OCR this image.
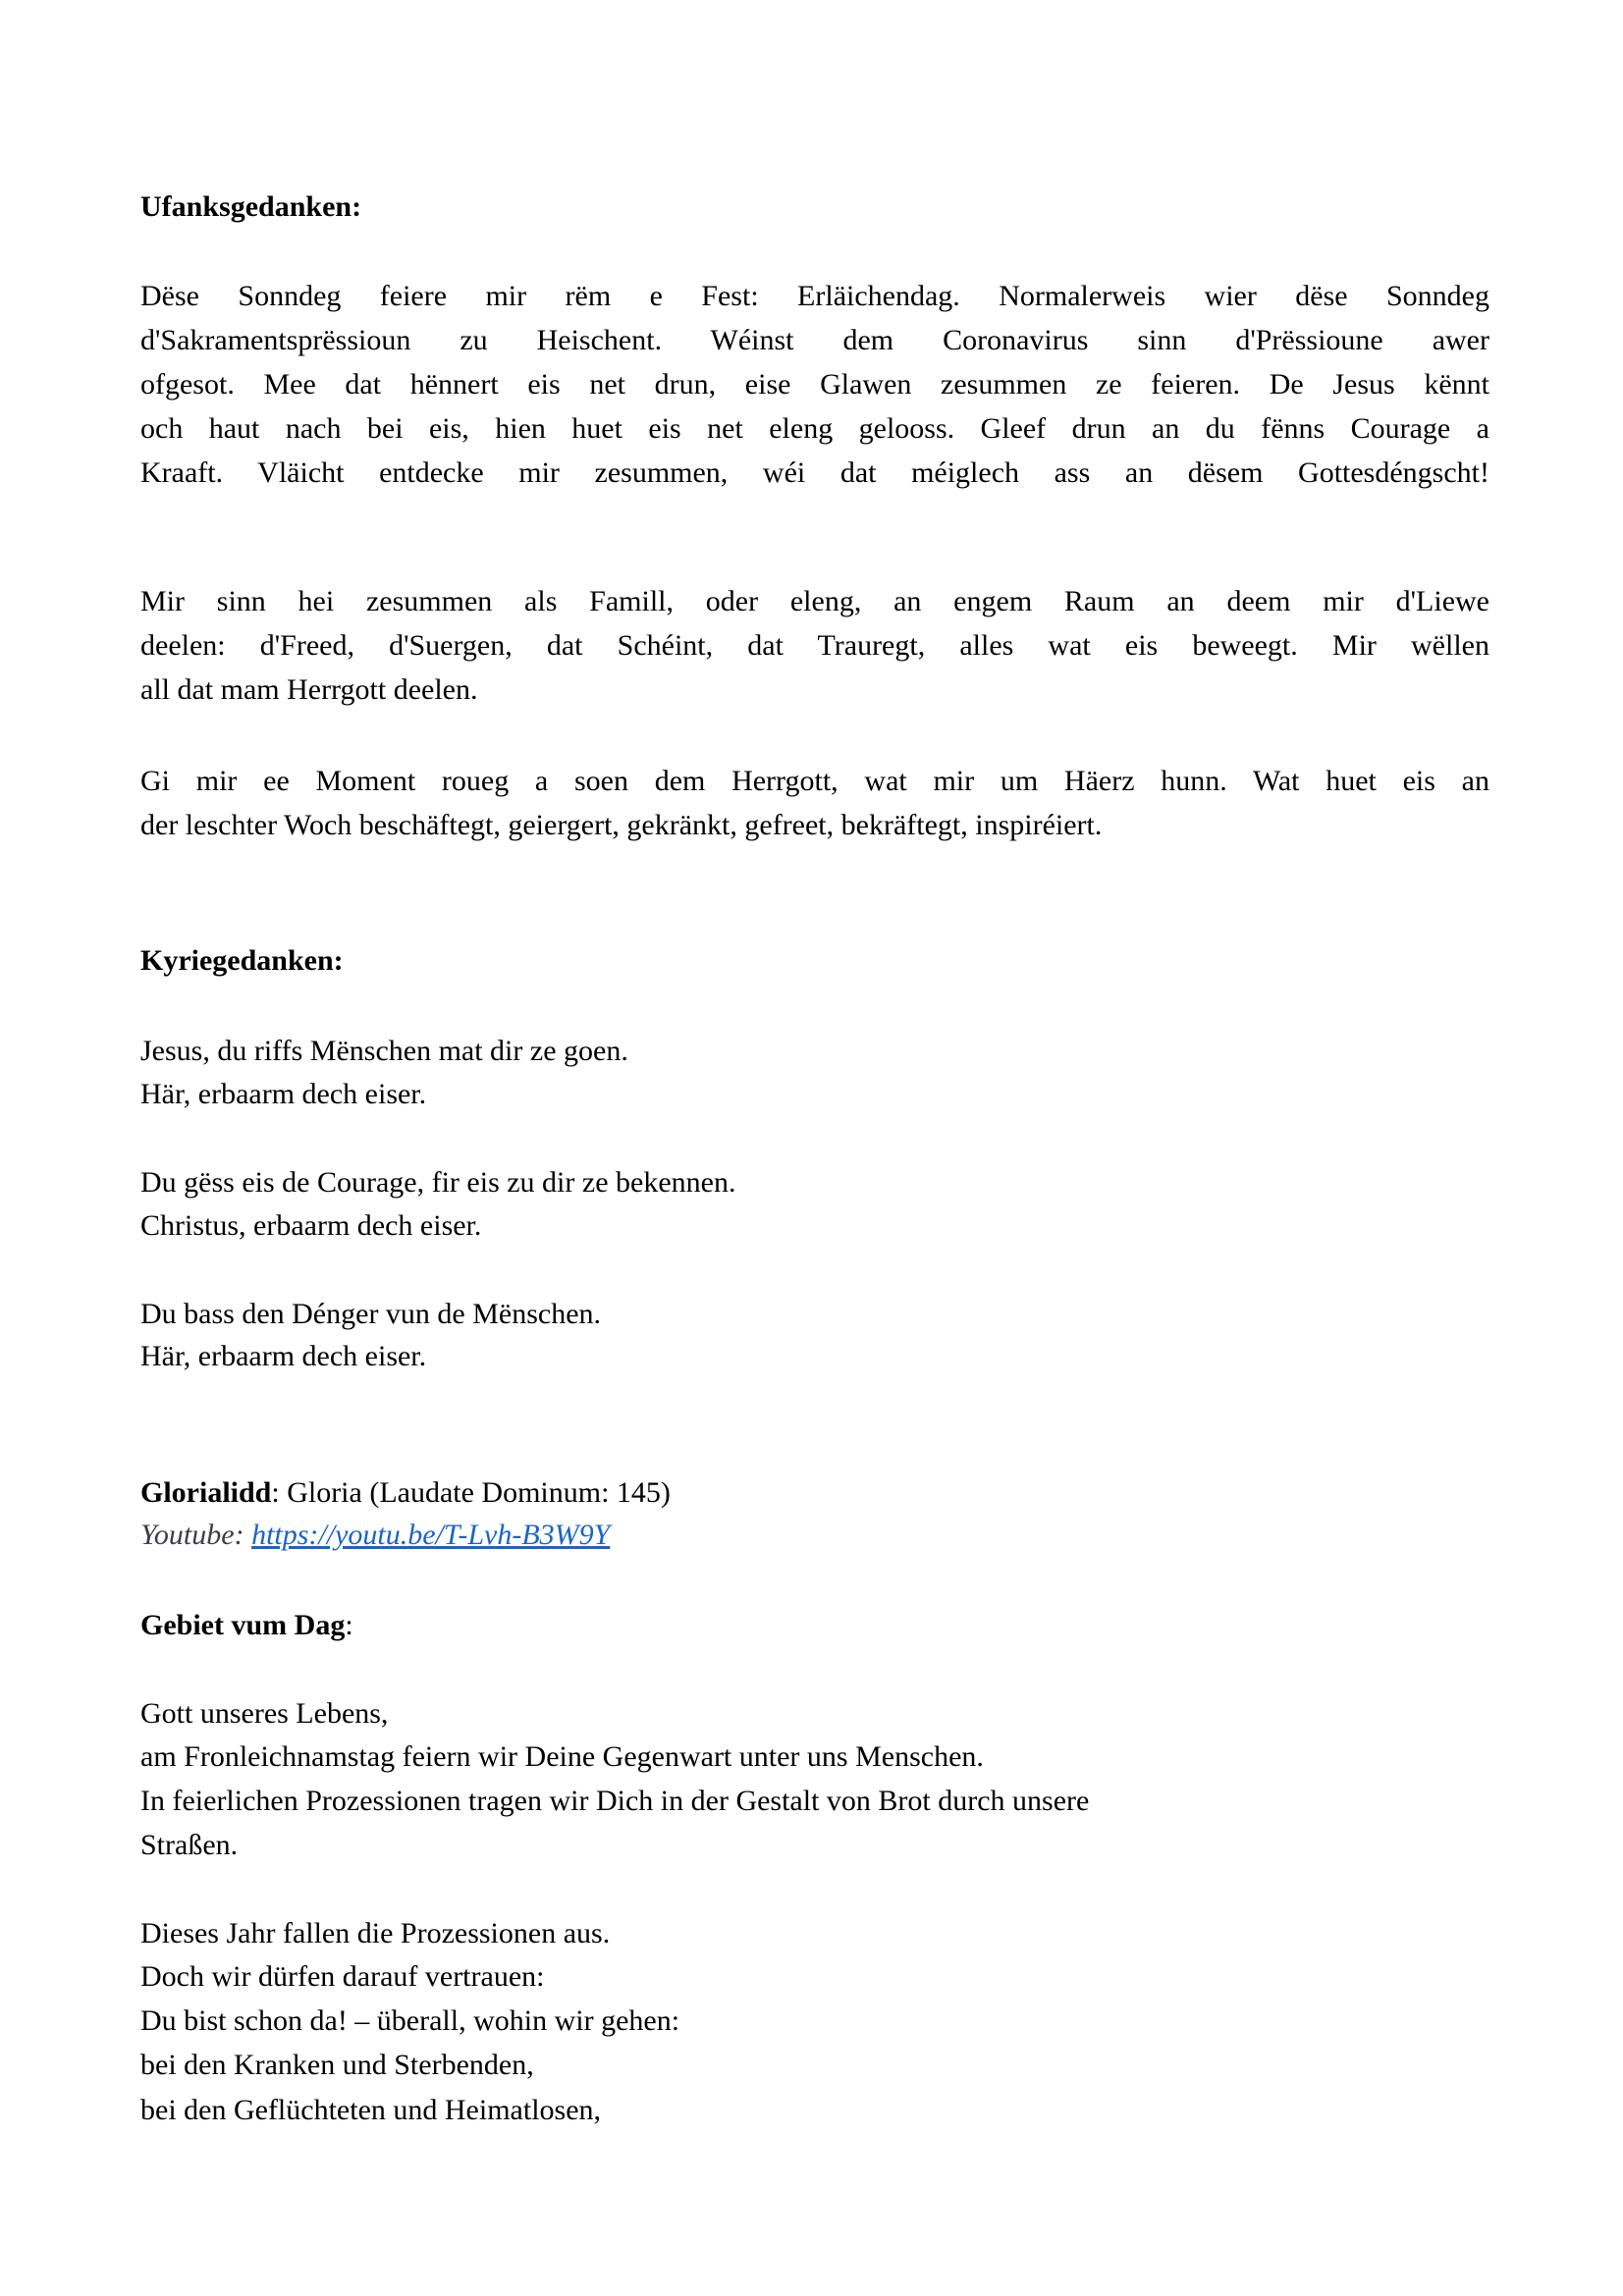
Ufanksgedanken:
Dëse Sonndeg feiere mir rëm e Fest: Erläichendag. Normalerweis wier dëse Sonndeg
d'Sakramentsprëssioun zu Heischent. Wéinst dem Coronavirus sinn d'Prëssioune awer
ofgesot. Mee dat hënnert eis net drun, eise Glawen zesummen ze feieren. De Jesus kënnt
och haut nach bei eis, hien huet eis net eleng gelooss. Gleef drun an du fënns Courage a
Kraaft. Vläicht entdecke mir zesummen, wéi dat méiglech ass an dësem Gottesdéngscht!
Mir sinn hei zesummen als Famill, oder eleng, an engem Raum an deem mir d'Liewe
deelen: d'Freed, d'Suergen, dat Schéint, dat Trauregt, alles wat eis beweegt. Mir wëllen
all dat mam Herrgott deelen.
Gi mir ee Moment roueg a soen dem Herrgott, wat mir um Häerz hunn. Wat huet eis an
der leschter Woch beschäftegt, geiergert, gekränkt, gefreet, bekräftegt, inspiréiert.
Kyriegedanken:
Jesus, du riffs Mënschen mat dir ze goen.
Här, erbaarm dech eiser.
Du gëss eis de Courage, fir eis zu dir ze bekennen.
Christus, erbaarm dech eiser.
Du bass den Dénger vun de Mënschen.
Här, erbaarm dech eiser.
Glorialidd: Gloria (Laudate Dominum: 145)
Youtube: https://youtu.be/T-Lvh-B3W9Y
Gebiet vum Dag:
Gott unseres Lebens,
am Fronleichnamstag feiern wir Deine Gegenwart unter uns Menschen.
In feierlichen Prozessionen tragen wir Dich in der Gestalt von Brot durch unsere
Straßen.
Dieses Jahr fallen die Prozessionen aus.
Doch wir dürfen darauf vertrauen:
Du bist schon da! – überall, wohin wir gehen:
bei den Kranken und Sterbenden,
bei den Geflüchteten und Heimatlosen,
